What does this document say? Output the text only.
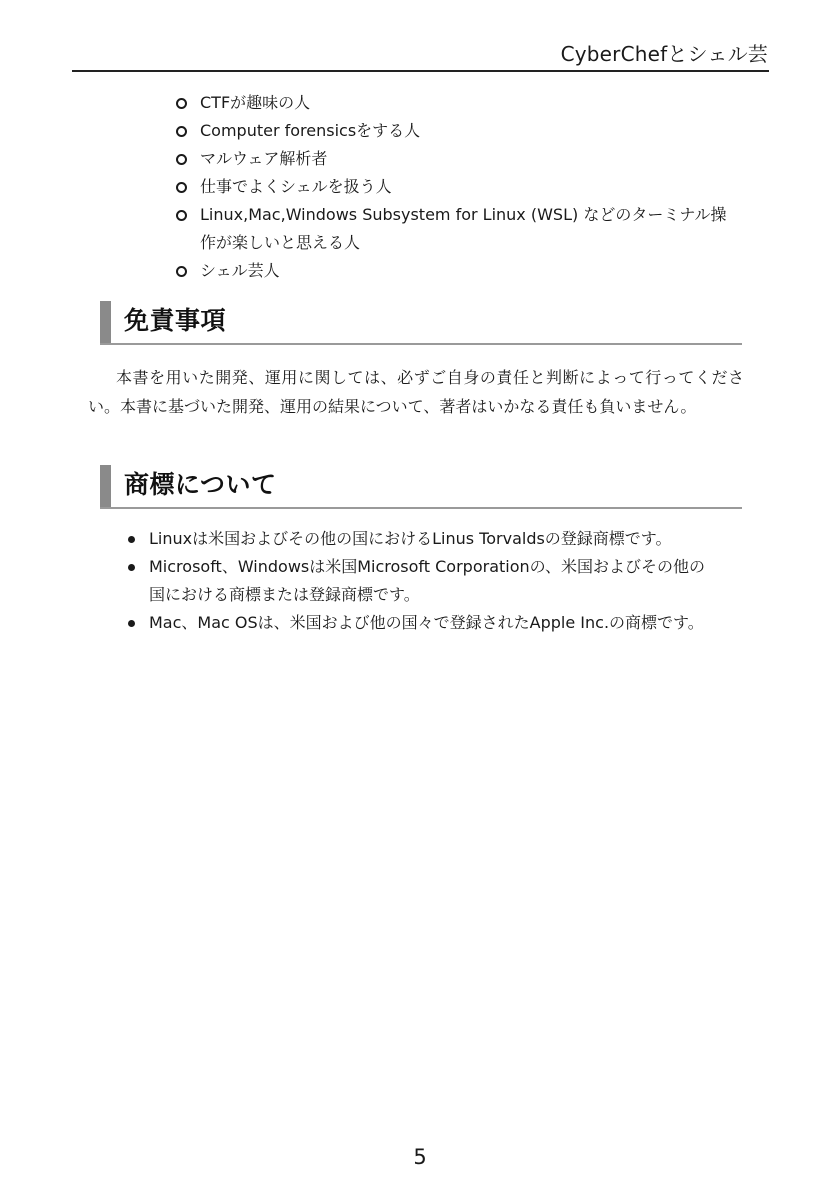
CyberChefとシェル芸
CTFが趣味の人
Computer forensicsをする人
マルウェア解析者
仕事でよくシェルを扱う人
Linux,Mac,Windows Subsystem for Linux (WSL) などのターミナル操作が楽しいと思える人
シェル芸人
免責事項

本書を用いた開発、運用に関しては、必ずご自身の責任と判断によって行ってください。本書に基づいた開発、運用の結果について、著者はいかなる責任も負いません。

商標について
Linuxは米国およびその他の国におけるLinus Torvaldsの登録商標です。
Microsoft、Windowsは米国Microsoft Corporationの、米国およびその他の国における商標または登録商標です。
Mac、Mac OSは、米国および他の国々で登録されたApple Inc.の商標です。
5
